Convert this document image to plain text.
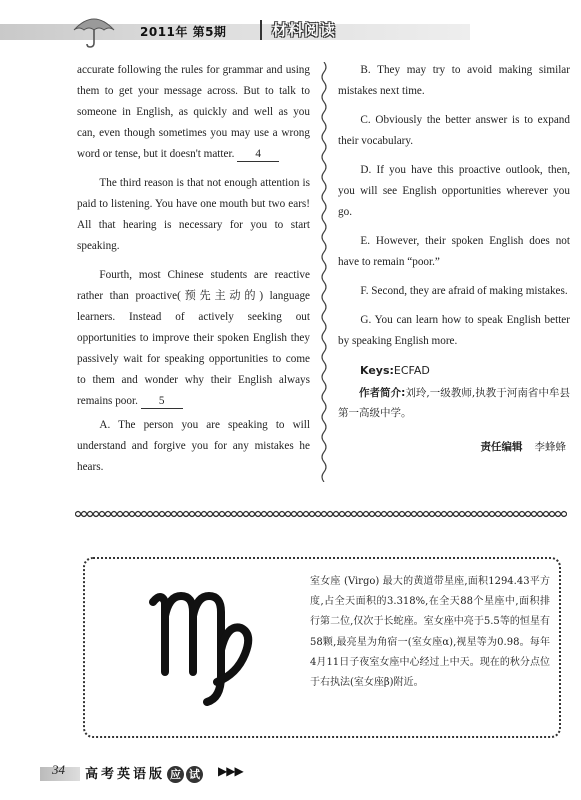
2011年 第5期	材料阅读

accurate following the rules for grammar and using them to get your message across. But to talk to someone in English, as quickly and well as you can, even though sometimes you may use a wrong word or tense, but it doesn't matter. 4

The third reason is that not enough attention is paid to listening. You have one mouth but two ears! All that hearing is necessary for you to start speaking.

Fourth, most Chinese students are reactive rather than proactive(预先主动的) language learners. Instead of actively seeking out opportunities to improve their spoken English they passively wait for speaking opportunities to come to them and wonder why their English always remains poor. 5

A. The person you are speaking to will understand and forgive you for any mistakes he hears.

B. They may try to avoid making similar mistakes next time.

C. Obviously the better answer is to expand their vocabulary.

D. If you have this proactive outlook, then, you will see English opportunities wherever you go.

E. However, their spoken English does not have to remain “poor.”

F. Second, they are afraid of making mistakes.

G. You can learn how to speak English better by speaking English more.

Keys:ECFAD

作者简介:刘玲,一级教师,执教于河南省中牟县第一高级中学。

责任编辑 李蜂蜂

室女座 (Virgo) 最大的黄道带星座,面积1294.43平方度,占全天面积的3.318%,在全天88个星座中,面积排行第二位,仅次于长蛇座。室女座中亮于5.5等的恒星有58颗,最亮星为角宿一(室女座α),视星等为0.98。每年4月11日子夜室女座中心经过上中天。现在的秋分点位于右执法(室女座β)附近。
34 高考英语版 应 试 ▶▶▶
